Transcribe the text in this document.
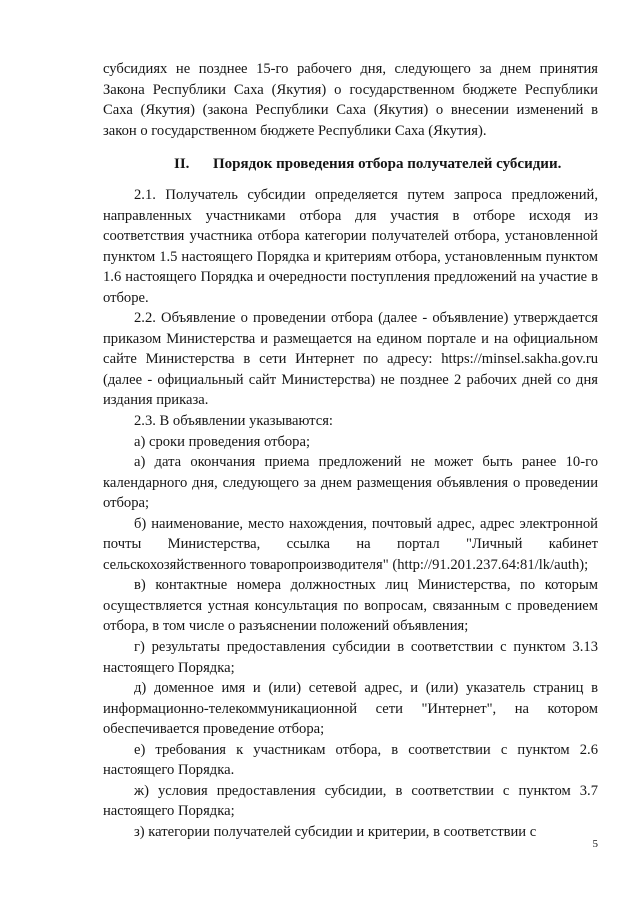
субсидиях не позднее 15-го рабочего дня, следующего за днем принятия Закона Республики Саха (Якутия) о государственном бюджете Республики Саха (Якутия) (закона Республики Саха (Якутия) о внесении изменений в закон о государственном бюджете Республики Саха (Якутия).
II. Порядок проведения отбора получателей субсидии.

2.1. Получатель субсидии определяется путем запроса предложений, направленных участниками отбора для участия в отборе исходя из соответствия участника отбора категории получателей отбора, установленной пунктом 1.5 настоящего Порядка и критериям отбора, установленным пунктом 1.6 настоящего Порядка и очередности поступления предложений на участие в отборе.

2.2. Объявление о проведении отбора (далее - объявление) утверждается приказом Министерства и размещается на едином портале и на официальном сайте Министерства в сети Интернет по адресу: https://minsel.sakha.gov.ru (далее - официальный сайт Министерства) не позднее 2 рабочих дней со дня издания приказа.

2.3. В объявлении указываются:

а) сроки проведения отбора;

а) дата окончания приема предложений не может быть ранее 10-го календарного дня, следующего за днем размещения объявления о проведении отбора;

б) наименование, место нахождения, почтовый адрес, адрес электронной почты Министерства, ссылка на портал "Личный кабинет сельскохозяйственного товаропроизводителя" (http://91.201.237.64:81/lk/auth);

в) контактные номера должностных лиц Министерства, по которым осуществляется устная консультация по вопросам, связанным с проведением отбора, в том числе о разъяснении положений объявления;

г) результаты предоставления субсидии в соответствии с пунктом 3.13 настоящего Порядка;

д) доменное имя и (или) сетевой адрес, и (или) указатель страниц в информационно-телекоммуникационной сети "Интернет", на котором обеспечивается проведение отбора;

е) требования к участникам отбора, в соответствии с пунктом 2.6 настоящего Порядка.

ж) условия предоставления субсидии, в соответствии с пунктом 3.7 настоящего Порядка;

з) категории получателей субсидии и критерии, в соответствии с

5
